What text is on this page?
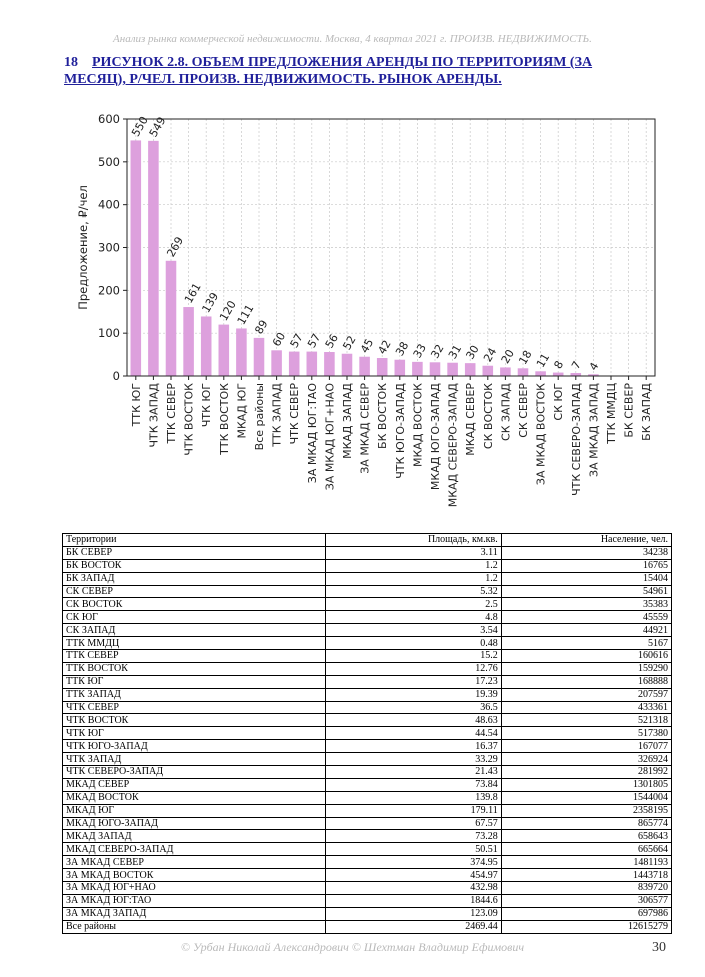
Анализ рынка коммерческой недвижимости. Москва, 4 квартал 2021 г. ПРОИЗВ. НЕДВИЖИМОСТЬ.
18 РИСУНОК 2.8. ОБЪЕМ ПРЕДЛОЖЕНИЯ АРЕНДЫ ПО ТЕРРИТОРИЯМ (ЗА МЕСЯЦ), Р/ЧЕЛ. ПРОИЗВ. НЕДВИЖИМОСТЬ. РЫНОК АРЕНДЫ.
550
549
269
161
139
120
111
89
60 57 57 56 52 45 42 38 33 32 31 30 24 20 18 11 8 7 4
0
100
200
300
400
500
600
ТТК ЮГ ЧТК ЗАПАД ТТК СЕВЕР ЧТК ВОСТОК ЧТК ЮГ ТТК ВОСТОК МКАД ЮГ Все районы ТТК ЗАПАД ЧТК СЕВЕР ЗА МКАД ЮГ:ТАО ЗА МКАД ЮГ+НАО МКАД ЗАПАД ЗА МКАД СЕВЕР БК ВОСТОК ЧТК ЮГО-ЗАПАД МКАД ВОСТОК МКАД ЮГО-ЗАПАД МКАД СЕВЕРО-ЗАПАД МКАД СЕВЕР СК ВОСТОК СК ЗАПАД СК СЕВЕР ЗА МКАД ВОСТОК СК ЮГ ЧТК СЕВЕРО-ЗАПАД ЗА МКАД ЗАПАД ТТК ММДЦ БК СЕВЕР БК ЗАПАД
Предложение, ₽/чел
Территории	Площадь, км.кв.	Население, чел.
БК СЕВЕР	3.11	34238
БК ВОСТОК	1.2	16765
БК ЗАПАД	1.2	15404
СК СЕВЕР	5.32	54961
СК ВОСТОК	2.5	35383
СК ЮГ	4.8	45559
СК ЗАПАД	3.54	44921
ТТК ММДЦ	0.48	5167
ТТК СЕВЕР	15.2	160616
ТТК ВОСТОК	12.76	159290
ТТК ЮГ	17.23	168888
ТТК ЗАПАД	19.39	207597
ЧТК СЕВЕР	36.5	433361
ЧТК ВОСТОК	48.63	521318
ЧТК ЮГ	44.54	517380
ЧТК ЮГО-ЗАПАД	16.37	167077
ЧТК ЗАПАД	33.29	326924
ЧТК СЕВЕРО-ЗАПАД	21.43	281992
МКАД СЕВЕР	73.84	1301805
МКАД ВОСТОК	139.8	1544004
МКАД ЮГ	179.11	2358195
МКАД ЮГО-ЗАПАД	67.57	865774
МКАД ЗАПАД	73.28	658643
МКАД СЕВЕРО-ЗАПАД	50.51	665664
ЗА МКАД СЕВЕР	374.95	1481193
ЗА МКАД ВОСТОК	454.97	1443718
ЗА МКАД ЮГ+НАО	432.98	839720
ЗА МКАД ЮГ:ТАО	1844.6	306577
ЗА МКАД ЗАПАД	123.09	697986
Все районы	2469.44	12615279
© Урбан Николай Александрович © Шехтман Владимир Ефимович	30
